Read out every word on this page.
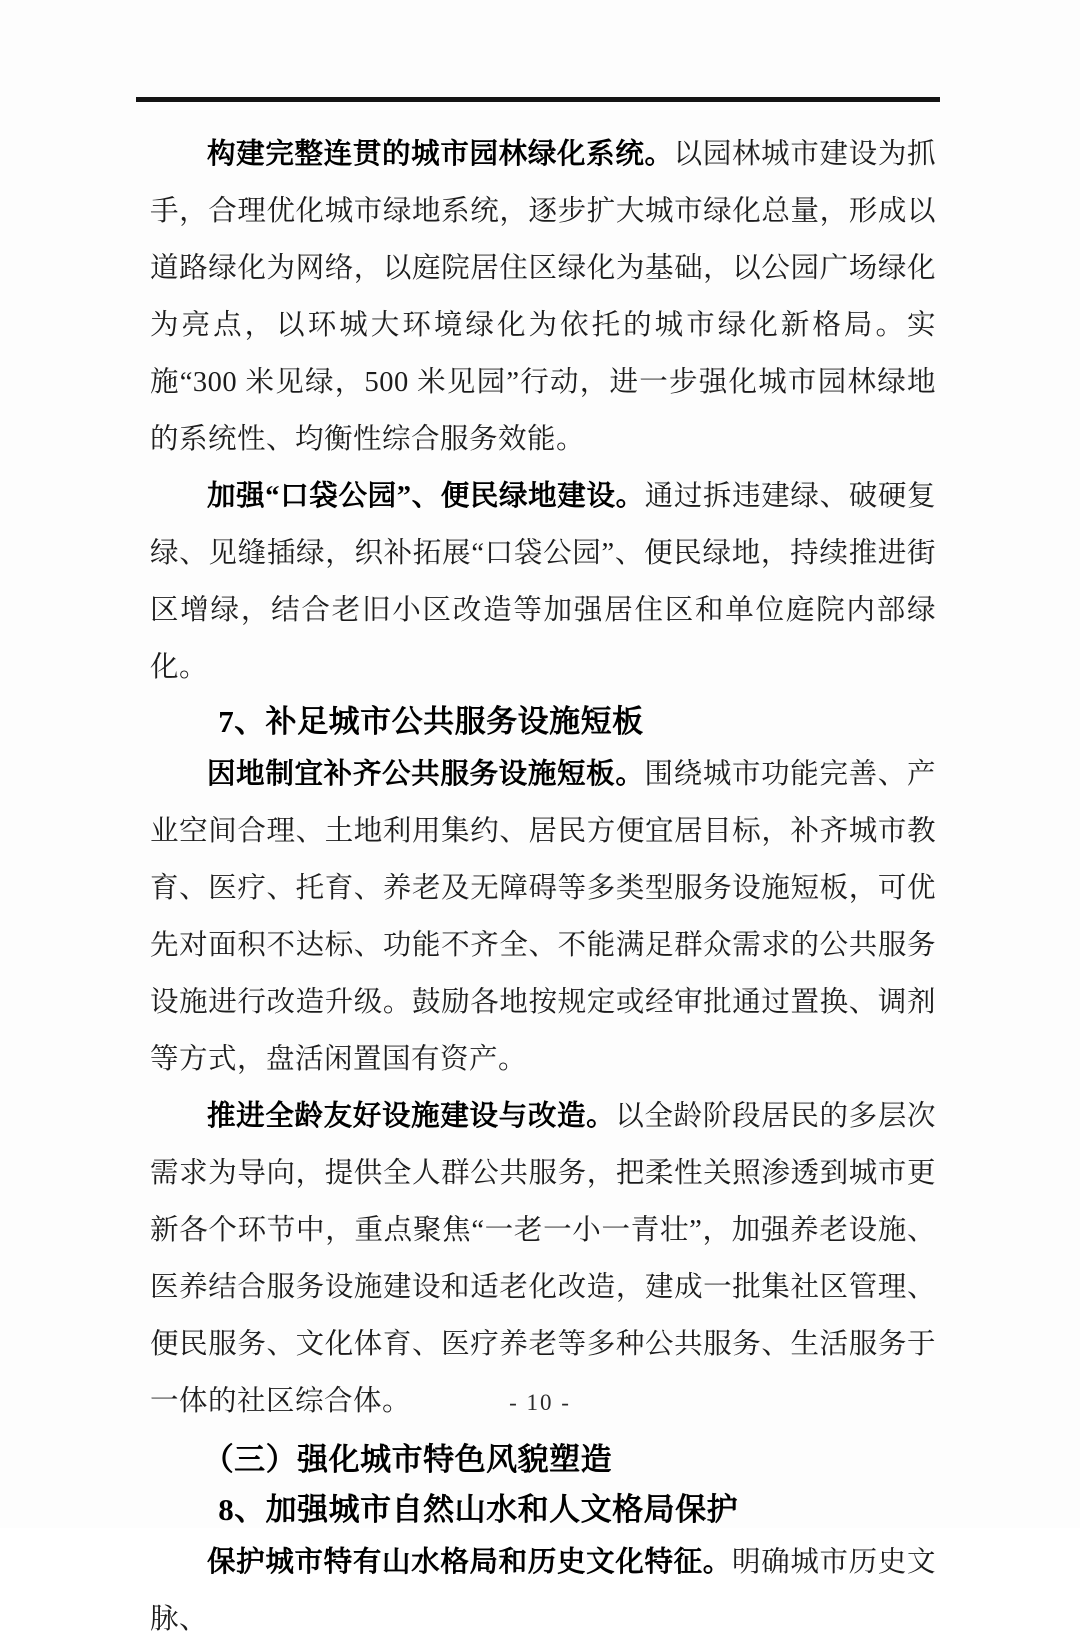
构建完整连贯的城市园林绿化系统。以园林城市建设为抓手，合理优化城市绿地系统，逐步扩大城市绿化总量，形成以道路绿化为网络，以庭院居住区绿化为基础，以公园广场绿化为亮点，以环城大环境绿化为依托的城市绿化新格局。实施“300 米见绿，500 米见园”行动，进一步强化城市园林绿地的系统性、均衡性综合服务效能。

加强“口袋公园”、便民绿地建设。通过拆违建绿、破硬复绿、见缝插绿，织补拓展“口袋公园”、便民绿地，持续推进街区增绿，结合老旧小区改造等加强居住区和单位庭院内部绿化。

7、补足城市公共服务设施短板

因地制宜补齐公共服务设施短板。围绕城市功能完善、产业空间合理、土地利用集约、居民方便宜居目标，补齐城市教育、医疗、托育、养老及无障碍等多类型服务设施短板，可优先对面积不达标、功能不齐全、不能满足群众需求的公共服务设施进行改造升级。鼓励各地按规定或经审批通过置换、调剂等方式，盘活闲置国有资产。

推进全龄友好设施建设与改造。以全龄阶段居民的多层次需求为导向，提供全人群公共服务，把柔性关照渗透到城市更新各个环节中，重点聚焦“一老一小一青壮”，加强养老设施、医养结合服务设施建设和适老化改造，建成一批集社区管理、便民服务、文化体育、医疗养老等多种公共服务、生活服务于一体的社区综合体。

（三）强化城市特色风貌塑造
8、加强城市自然山水和人文格局保护

保护城市特有山水格局和历史文化特征。明确城市历史文脉、

- 10 -
